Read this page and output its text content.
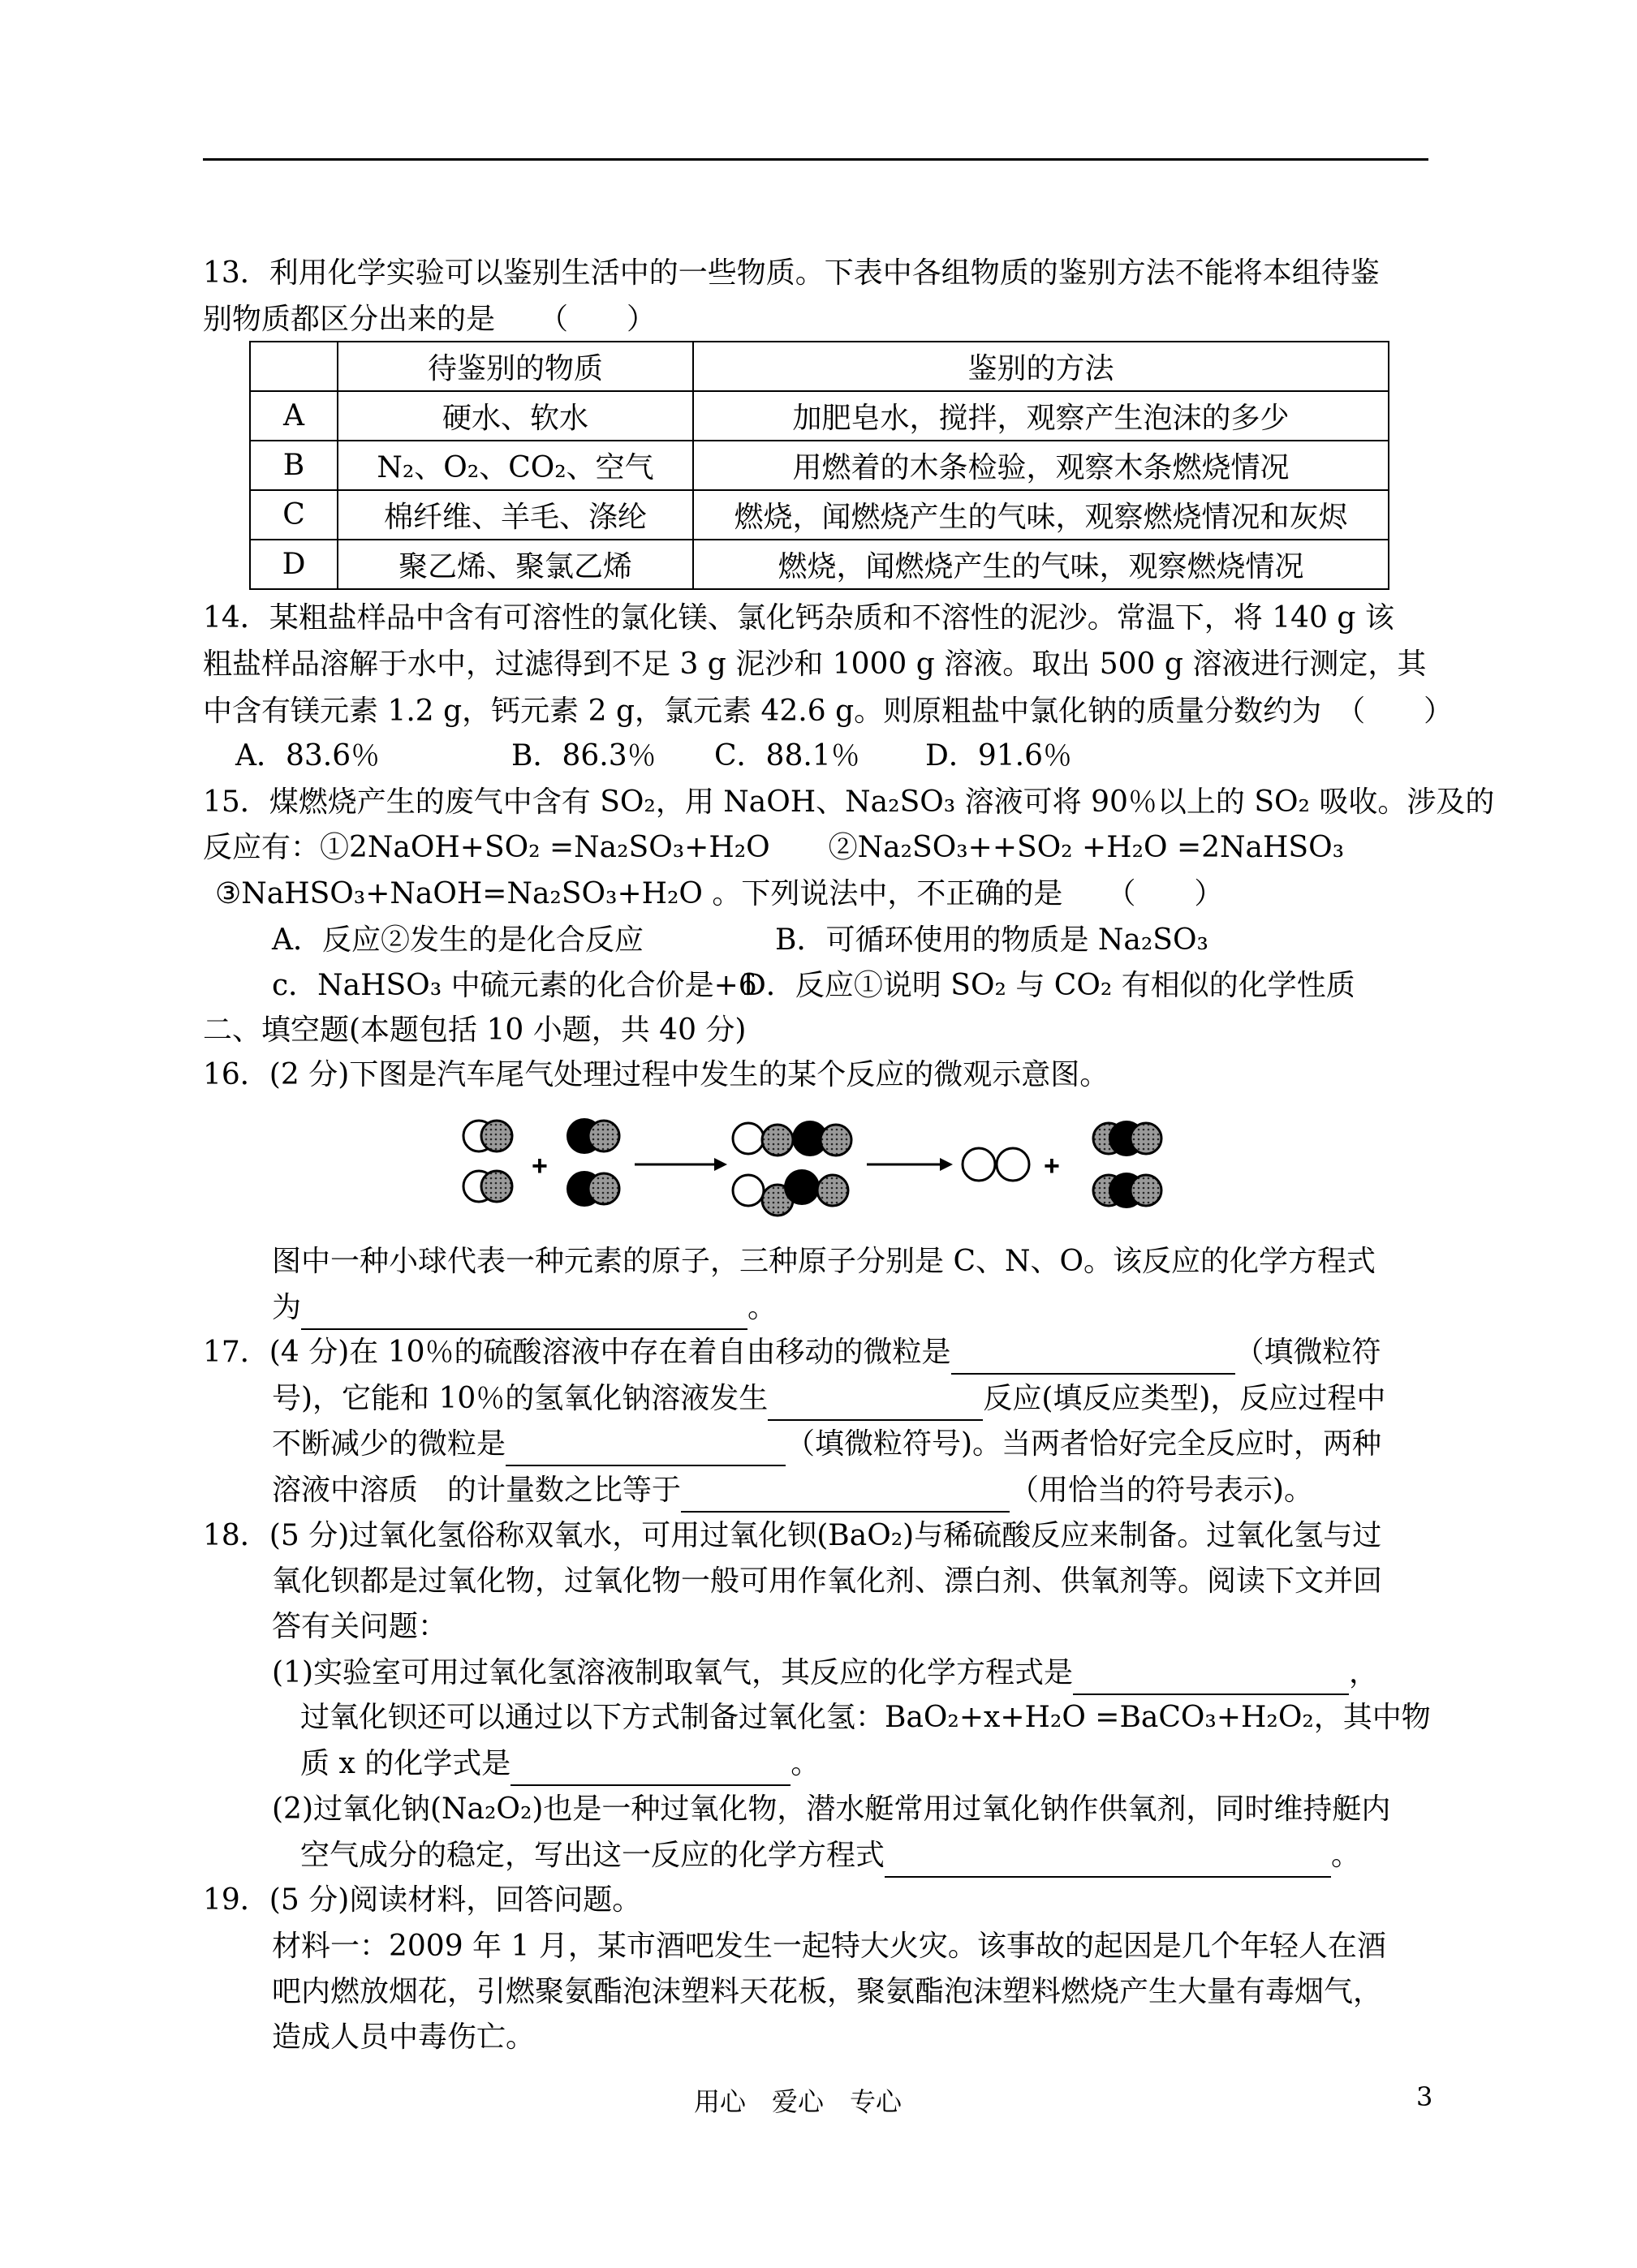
13．利用化学实验可以鉴别生活中的一些物质。下表中各组物质的鉴别方法不能将本组待鉴
别物质都区分出来的是　　（　　）
	待鉴别的物质	鉴别的方法
A	硬水、软水	加肥皂水，搅拌，观察产生泡沫的多少
B	N₂、O₂、CO₂、空气	用燃着的木条检验，观察木条燃烧情况
C	棉纤维、羊毛、涤纶	燃烧，闻燃烧产生的气味，观察燃烧情况和灰烬
D	聚乙烯、聚氯乙烯	燃烧，闻燃烧产生的气味，观察燃烧情况
14．某粗盐样品中含有可溶性的氯化镁、氯化钙杂质和不溶性的泥沙。常温下，将 140 g 该
粗盐样品溶解于水中，过滤得到不足 3 g 泥沙和 1000 g 溶液。取出 500 g 溶液进行测定，其
中含有镁元素 1.2 g，钙元素 2 g，氯元素 42.6 g。则原粗盐中氯化钠的质量分数约为　（　　）
A．83.6％	B．86.3％ C．88.1％ D．91.6％
15．煤燃烧产生的废气中含有 SO₂，用 NaOH、Na₂SO₃ 溶液可将 90％以上的 SO₂ 吸收。涉及的
反应有：①2NaOH+SO₂ =Na₂SO₃+H₂O　　②Na₂SO₃++SO₂ +H₂O =2NaHSO₃
③NaHSO₃+NaOH=Na₂SO₃+H₂O 。下列说法中，不正确的是　　（　　）
A．反应②发生的是化合反应	B．可循环使用的物质是 Na₂SO₃
c．NaHSO₃ 中硫元素的化合价是+6
D．反应①说明 SO₂ 与 CO₂ 有相似的化学性质
二、填空题(本题包括 10 小题，共 40 分)
16．(2 分)下图是汽车尾气处理过程中发生的某个反应的微观示意图。
+	+
图中一种小球代表一种元素的原子，三种原子分别是 C、N、O。该反应的化学方程式
为	。
17．(4 分)在 10％的硫酸溶液中存在着自由移动的微粒是	（填微粒符
号)，它能和 10％的氢氧化钠溶液发生	反应(填反应类型)，反应过程中
不断减少的微粒是	（填微粒符号)。当两者恰好完全反应时，两种
溶液中溶质　的计量数之比等于	（用恰当的符号表示)。
18．(5 分)过氧化氢俗称双氧水，可用过氧化钡(BaO₂)与稀硫酸反应来制备。过氧化氢与过
氧化钡都是过氧化物，过氧化物一般可用作氧化剂、漂白剂、供氧剂等。阅读下文并回
答有关问题：
(1)实验室可用过氧化氢溶液制取氧气，其反应的化学方程式是	，
过氧化钡还可以通过以下方式制备过氧化氢：BaO₂+x+H₂O =BaCO₃+H₂O₂，其中物
质 x 的化学式是	。
(2)过氧化钠(Na₂O₂)也是一种过氧化物，潜水艇常用过氧化钠作供氧剂，同时维持艇内
空气成分的稳定，写出这一反应的化学方程式	。
19．(5 分)阅读材料，回答问题。
材料一：2009 年 1 月，某市酒吧发生一起特大火灾。该事故的起因是几个年轻人在酒
吧内燃放烟花，引燃聚氨酯泡沫塑料天花板，聚氨酯泡沫塑料燃烧产生大量有毒烟气，
造成人员中毒伤亡。
用心　爱心　专心	3
